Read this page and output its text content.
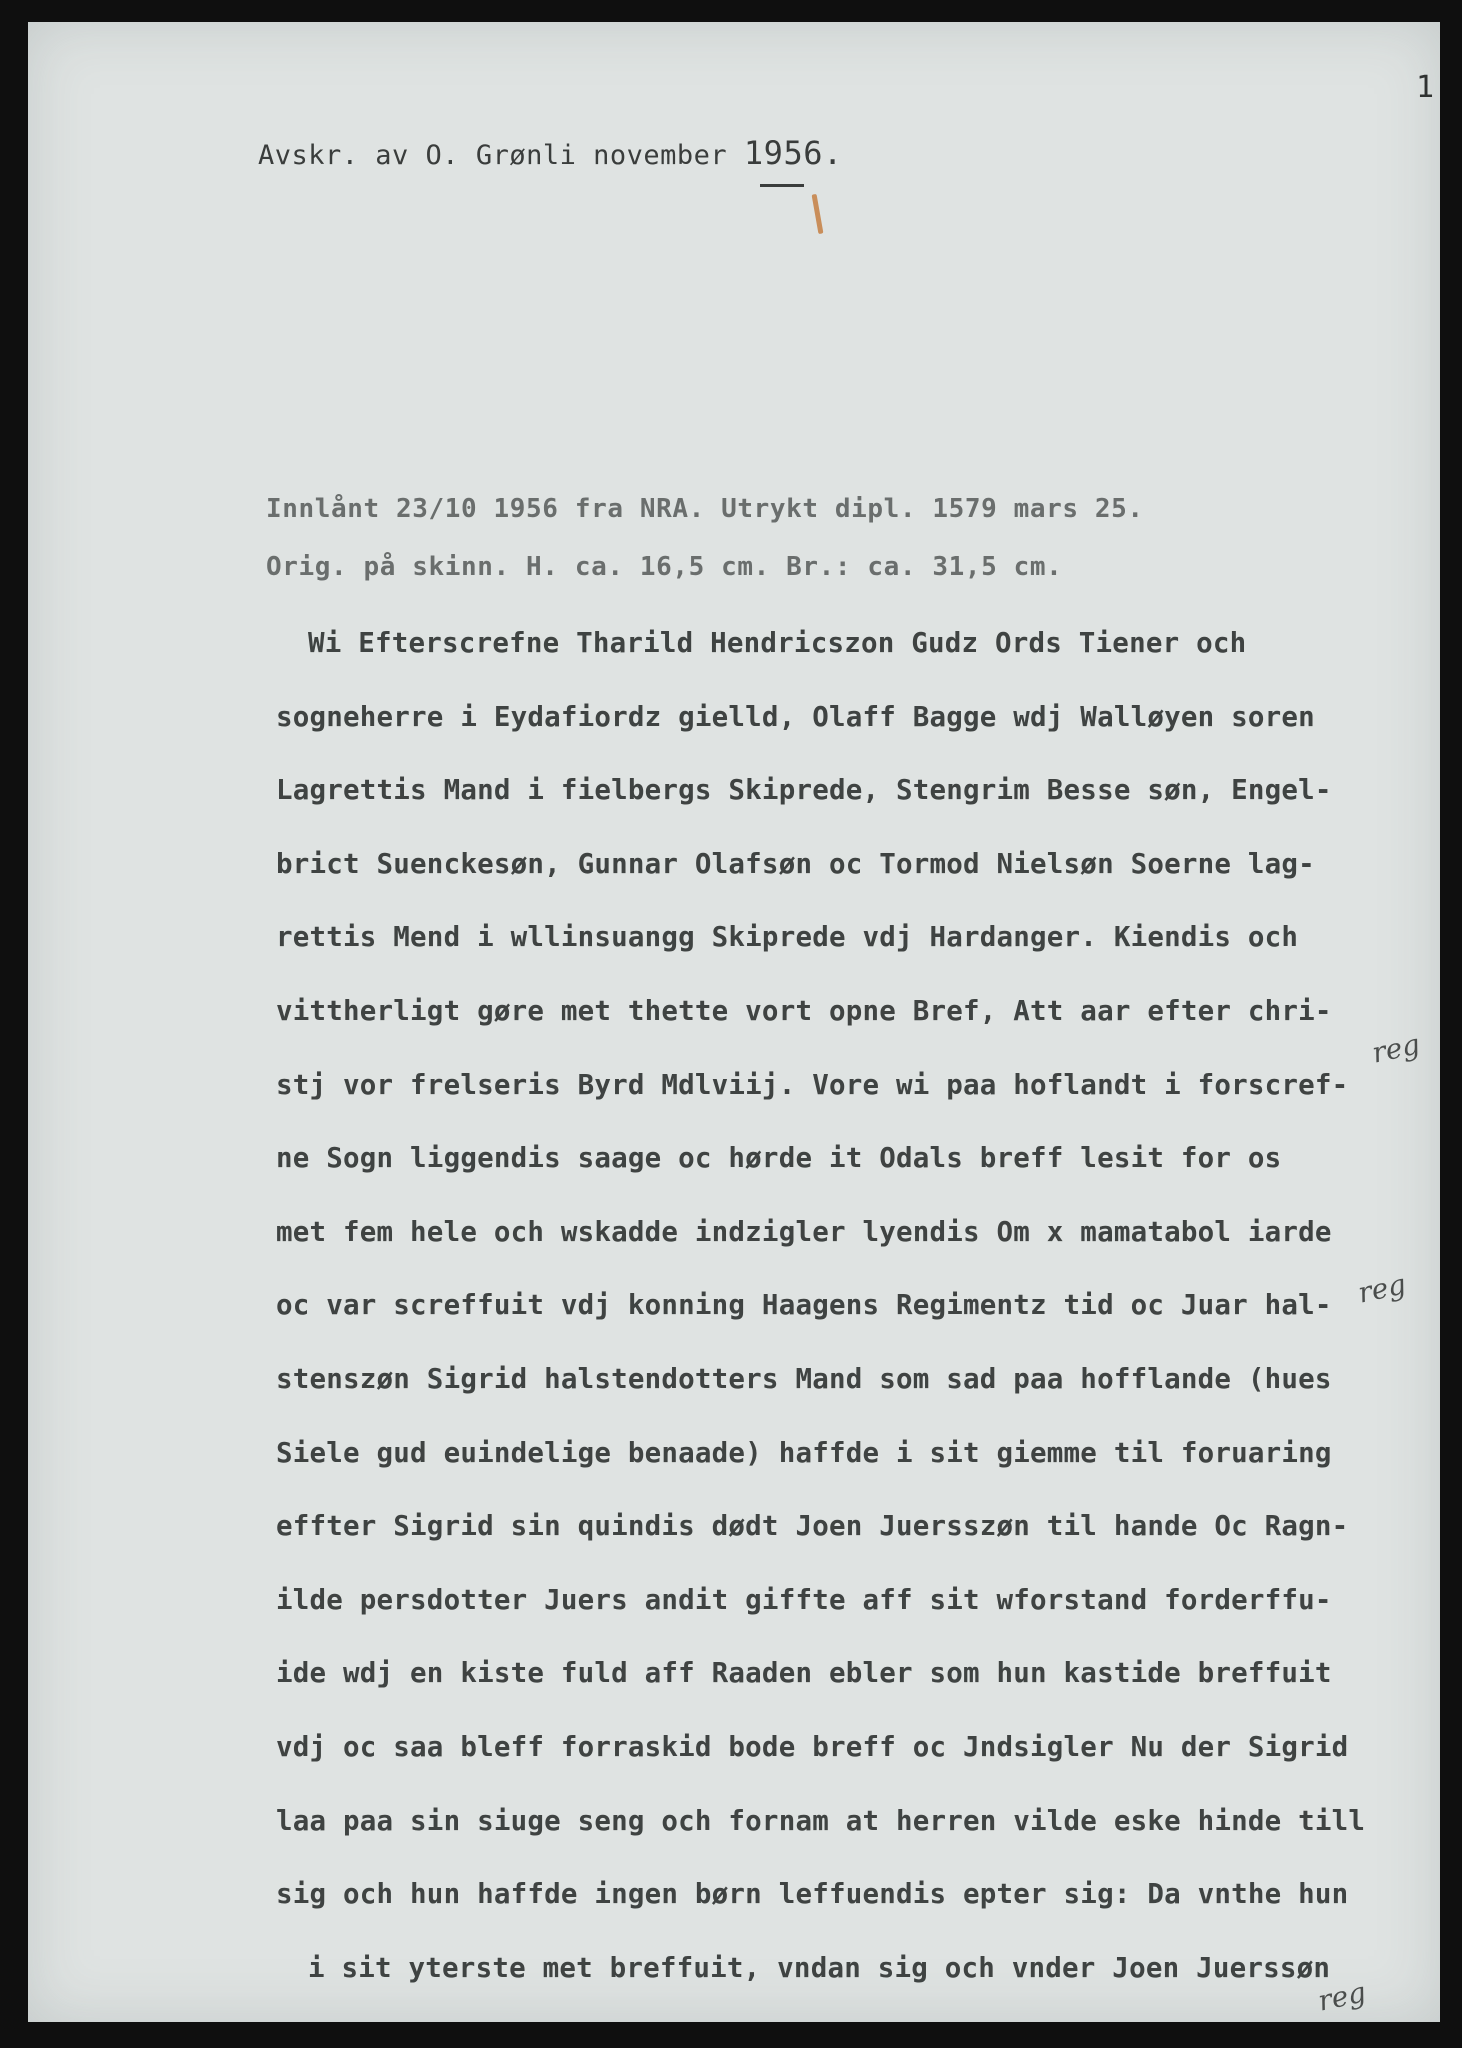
1
Avskr. av O. Grønli november 1956.
Innlånt 23/10 1956 fra NRA. Utrykt dipl. 1579 mars 25.
Orig. på skinn. H. ca. 16,5 cm. Br.: ca. 31,5 cm.
Wi Efterscrefne Tharild Hendricszon Gudz Ords Tiener och
sogneherre i Eydafiordz gielld, Olaff Bagge wdj Walløyen soren
Lagrettis Mand i fielbergs Skiprede, Stengrim Besse søn, Engel-
brict Suenckesøn, Gunnar Olafsøn oc Tormod Nielsøn Soerne lag-
rettis Mend i wllinsuangg Skiprede vdj Hardanger. Kiendis och
vittherligt gøre met thette vort opne Bref, Att aar efter chri-
stj vor frelseris Byrd Mdlviij. Vore wi paa hoflandt i forscref-
ne Sogn liggendis saage oc hørde it Odals breff lesit for os
met fem hele och wskadde indzigler lyendis Om x mamatabol iarde
oc var screffuit vdj konning Haagens Regimentz tid oc Juar hal-
stenszøn Sigrid halstendotters Mand som sad paa hofflande (hues
Siele gud euindelige benaade) haffde i sit giemme til foruaring
effter Sigrid sin quindis dødt Joen Juersszøn til hande Oc Ragn-
ilde persdotter Juers andit giffte aff sit wforstand forderffu-
ide wdj en kiste fuld aff Raaden ebler som hun kastide breffuit
vdj oc saa bleff forraskid bode breff oc Jndsigler Nu der Sigrid
laa paa sin siuge seng och fornam at herren vilde eske hinde till
sig och hun haffde ingen børn leffuendis epter sig: Da vnthe hun
i sit yterste met breffuit, vndan sig och vnder Joen Juerssøn
reg
reg
reg
